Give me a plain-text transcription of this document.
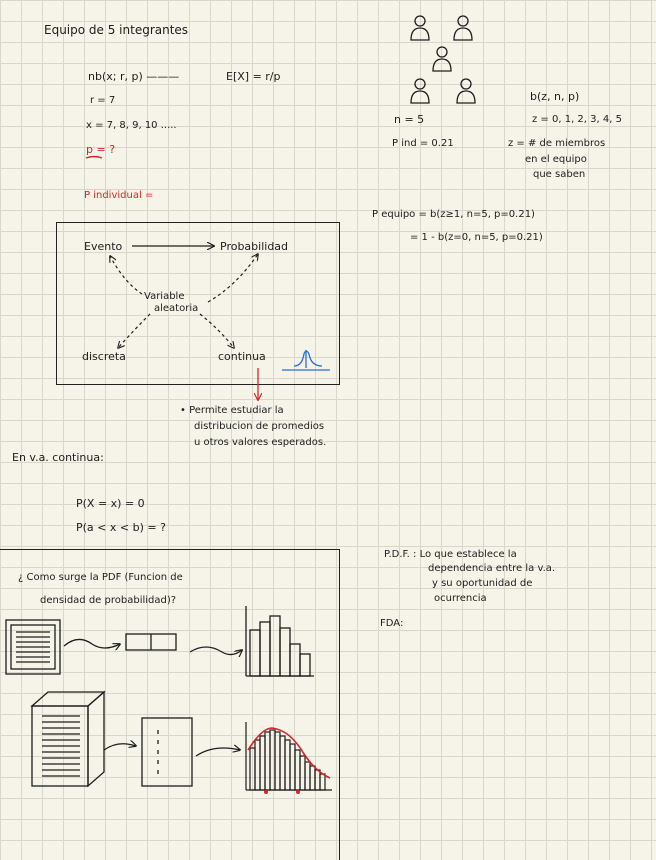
Equipo de 5 integrantes
nb(x; r, p) ———	E[X] = r/p
r = 7
x = 7, 8, 9, 10 .....
p = ?
P individual =
b(z, n, p)
n = 5	z = 0, 1, 2, 3, 4, 5
P ind = 0.21	z = # de miembros
en el equipo
que saben
P equipo = b(z≥1, n=5, p=0.21)
= 1 - b(z=0, n=5, p=0.21)
Evento	Probabilidad
Variable
aleatoria
discreta	continua
• Permite estudiar la
distribucion de promedios
u otros valores esperados.
En v.a. continua:
P(X = x) = 0
P(a < x < b) = ?
¿ Como surge la PDF (Funcion de
densidad de probabilidad)?
P.D.F. : Lo que establece la
dependencia entre la v.a.
y su oportunidad de
ocurrencia
FDA:
